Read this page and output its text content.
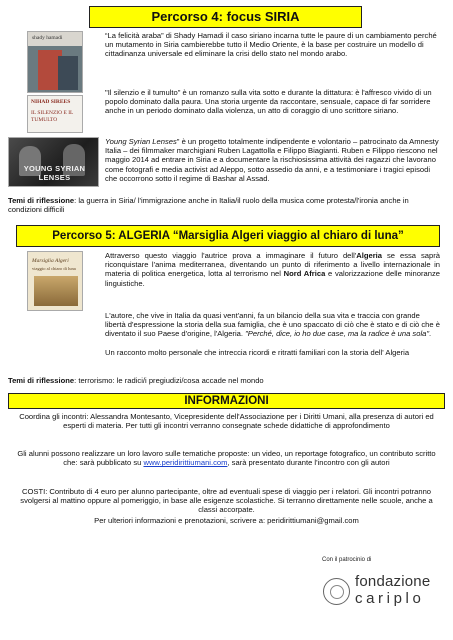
Percorso 4: focus SIRIA
shady hamadi	“La felicità araba” di Shady Hamadi il caso siriano incarna tutte le paure di un cambiamento perché un mutamento in Siria cambierebbe tutto il Medio Oriente, è la base per costruire un modello di cittadinanza universale ed eliminare la crisi dello stato nel mondo arabo.
NIHAD SIREES
IL SILENZIO E IL TUMULTO
"Il silenzio e il tumulto" è un romanzo sulla vita sotto e durante la dittatura: è l'affresco vivido di un popolo dominato dalla paura. Una storia urgente da raccontare, sensuale, capace di far sorridere anche in un periodo dominato dalla violenza, un atto di coraggio di uno scrittore siriano.
YOUNG SYRIAN LENSES
Young Syrian Lenses" è un progetto totalmente indipendente e volontario – patrocinato da Amnesty Italia – dei filmmaker marchigiani Ruben Lagattolla e Filippo Biagianti. Ruben e Filippo riescono nel maggio 2014 ad entrare in Siria e a documentare la rischiosissima attività dei ragazzi che lavorano come fotografi e media activist ad Aleppo, sotto assedio da anni, e a testimoniare i tragici episodi che occorrono sotto il regime di Bashar al Assad.
Temi di riflessione: la guerra in Siria/ l'immigrazione anche in Italia/il ruolo della musica come protesta/l'ironia anche in condizioni difficili
Percorso 5: ALGERIA “Marsiglia Algeri viaggio al chiaro di luna”
Marsiglia Algeri
viaggio al chiaro di luna
Attraverso questo viaggio l'autrice prova a immaginare il futuro dell'Algeria se essa saprà riconquistare l'anima mediterranea, diventando un punto di riferimento a livello internazionale in materia di politica energetica, lotta al terrorismo nel Nord Africa e valorizzazione delle minoranze linguistiche.
L'autore, che vive in Italia da quasi vent'anni, fa un bilancio della sua vita e traccia con grande libertà d'espressione la storia della sua famiglia, che è uno spaccato di ciò che è stato e di ciò che è diventato il suo Paese d'origine, l'Algeria. "Perché, dice, io ho due case, ma la radice è una sola".
Un racconto molto personale che intreccia ricordi e ritratti familiari con la storia dell' Algeria
Temi di riflessione: terrorismo: le radici/i pregiudizi/cosa accade nel mondo
INFORMAZIONI
Coordina gli incontri: Alessandra Montesanto, Vicepresidente dell'Associazione per i Diritti Umani, alla presenza di autori ed esperti di materia. Per tutti gli incontri verranno consegnate schede didattiche di approfondimento
Gli alunni possono realizzare un loro lavoro sulle tematiche proposte: un video, un reportage fotografico, un contributo scritto che: sarà pubblicato su www.peridirittiumani.com, sarà presentato durante l'incontro con gli autori
COSTI: Contributo di 4 euro per alunno partecipante, oltre ad eventuali spese di viaggio per i relatori. Gli incontri potranno svolgersi al mattino oppure al pomeriggio, in base alle esigenze scolastiche. Si terranno direttamente nelle scuole, anche a classi accorpate.
Per ulteriori informazioni e prenotazioni, scrivere a: peridirittiumani@gmail.com
Con il patrocinio di
fondazione
cariplo
